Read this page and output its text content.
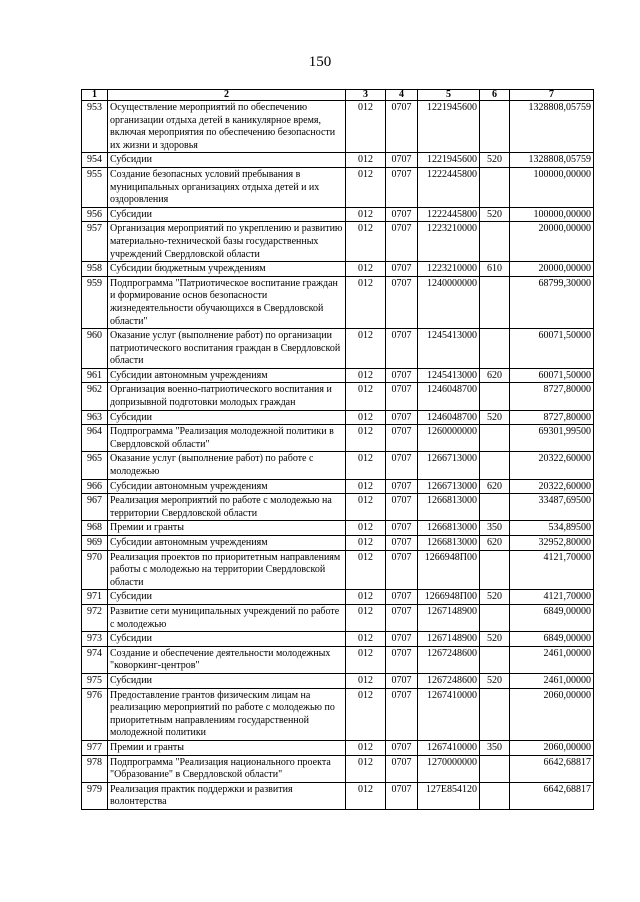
150
1	2	3	4	5	6	7
953	Осуществление мероприятий по обеспечению организации отдыха детей в каникулярное время, включая мероприятия по обеспечению безопасности их жизни и здоровья	012	0707	1221945600		1328808,05759
954	Субсидии	012	0707	1221945600	520	1328808,05759
955	Создание безопасных условий пребывания в муниципальных организациях отдыха детей и их оздоровления	012	0707	1222445800		100000,00000
956	Субсидии	012	0707	1222445800	520	100000,00000
957	Организация мероприятий по укреплению и развитию материально-технической базы государственных учреждений Свердловской области	012	0707	1223210000		20000,00000
958	Субсидии бюджетным учреждениям	012	0707	1223210000	610	20000,00000
959	Подпрограмма "Патриотическое воспитание граждан и формирование основ безопасности жизнедеятельности обучающихся в Свердловской области"	012	0707	1240000000		68799,30000
960	Оказание услуг (выполнение работ) по организации патриотического воспитания граждан в Свердловской области	012	0707	1245413000		60071,50000
961	Субсидии автономным учреждениям	012	0707	1245413000	620	60071,50000
962	Организация военно-патриотического воспитания и допризывной подготовки молодых граждан	012	0707	1246048700		8727,80000
963	Субсидии	012	0707	1246048700	520	8727,80000
964	Подпрограмма "Реализация молодежной политики в Свердловской области"	012	0707	1260000000		69301,99500
965	Оказание услуг (выполнение работ) по работе с молодежью	012	0707	1266713000		20322,60000
966	Субсидии автономным учреждениям	012	0707	1266713000	620	20322,60000
967	Реализация мероприятий по работе с молодежью на территории Свердловской области	012	0707	1266813000		33487,69500
968	Премии и гранты	012	0707	1266813000	350	534,89500
969	Субсидии автономным учреждениям	012	0707	1266813000	620	32952,80000
970	Реализация проектов по приоритетным направлениям работы с молодежью на территории Свердловской области	012	0707	1266948П00		4121,70000
971	Субсидии	012	0707	1266948П00	520	4121,70000
972	Развитие сети муниципальных учреждений по работе с молодежью	012	0707	1267148900		6849,00000
973	Субсидии	012	0707	1267148900	520	6849,00000
974	Создание и обеспечение деятельности молодежных "коворкинг-центров"	012	0707	1267248600		2461,00000
975	Субсидии	012	0707	1267248600	520	2461,00000
976	Предоставление грантов физическим лицам на реализацию мероприятий по работе с молодежью по приоритетным направлениям государственной молодежной политики	012	0707	1267410000		2060,00000
977	Премии и гранты	012	0707	1267410000	350	2060,00000
978	Подпрограмма "Реализация национального проекта "Образование" в Свердловской области"	012	0707	1270000000		6642,68817
979	Реализация практик поддержки и развития волонтерства	012	0707	127Е854120		6642,68817
